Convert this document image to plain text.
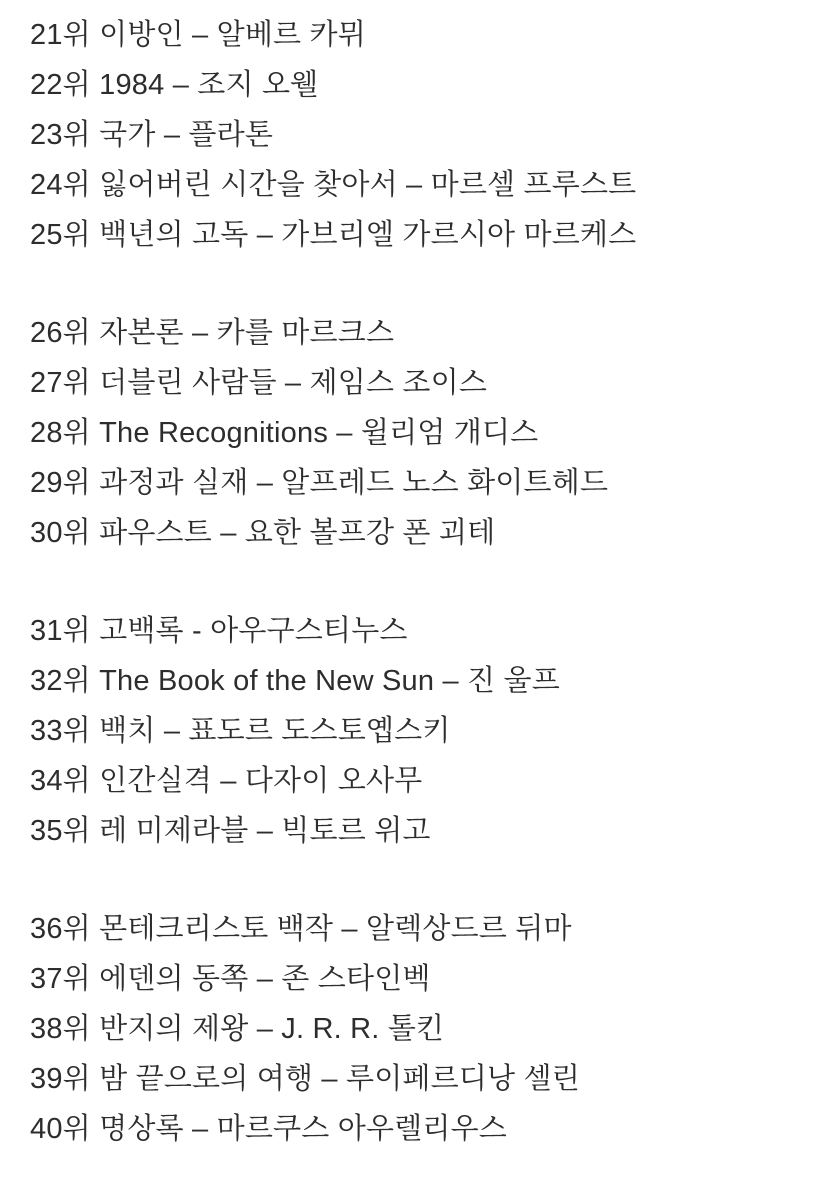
21위 이방인 – 알베르 카뮈
22위 1984 – 조지 오웰
23위 국가 – 플라톤
24위 잃어버린 시간을 찾아서 – 마르셀 프루스트
25위 백년의 고독 – 가브리엘 가르시아 마르케스
26위 자본론 – 카를 마르크스
27위 더블린 사람들 – 제임스 조이스
28위 The Recognitions – 윌리엄 개디스
29위 과정과 실재 – 알프레드 노스 화이트헤드
30위 파우스트 – 요한 볼프강 폰 괴테
31위 고백록 - 아우구스티누스
32위 The Book of the New Sun – 진 울프
33위 백치 – 표도르 도스토옙스키
34위 인간실격 – 다자이 오사무
35위 레 미제라블 – 빅토르 위고
36위 몬테크리스토 백작 – 알렉상드르 뒤마
37위 에덴의 동쪽 – 존 스타인벡
38위 반지의 제왕 – J. R. R. 톨킨
39위 밤 끝으로의 여행 – 루이페르디낭 셀린
40위 명상록 – 마르쿠스 아우렐리우스
